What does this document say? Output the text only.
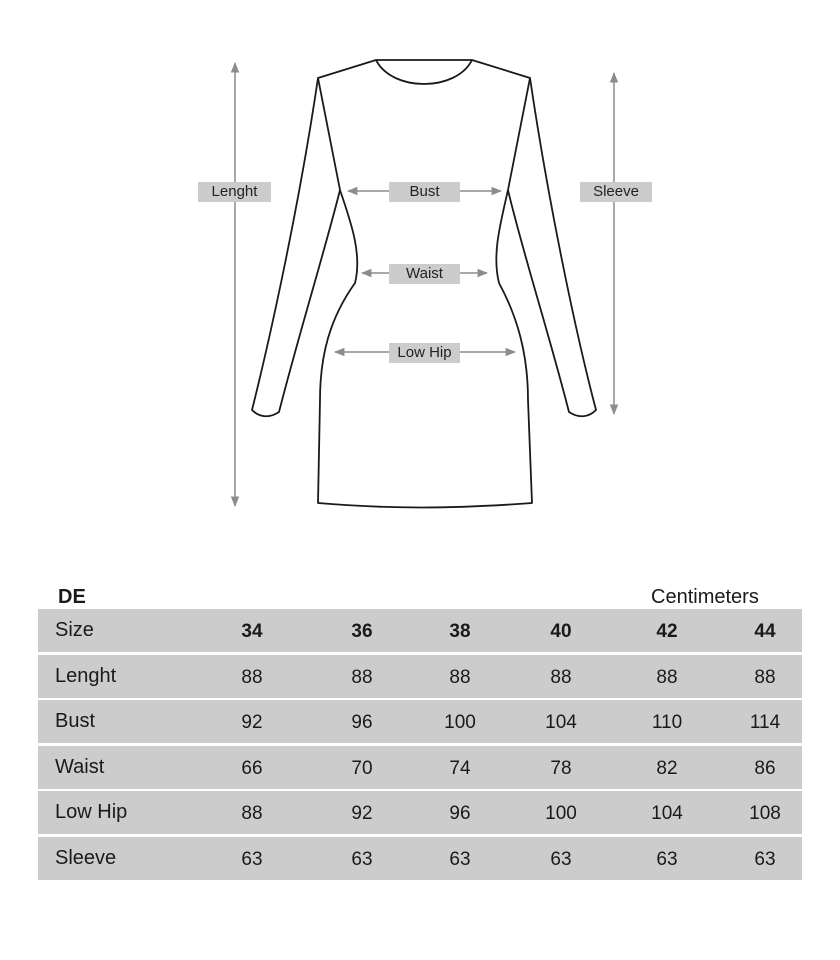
Lenght	Bust	Sleeve
Waist
Low Hip
DE	Centimeters
Size	34	36	38	40	42	44
Lenght	88	88	88	88	88	88
Bust	92	96	100	104	110	114
Waist	66	70	74	78	82	86
Low Hip	88	92	96	100	104	108
Sleeve	63	63	63	63	63	63
